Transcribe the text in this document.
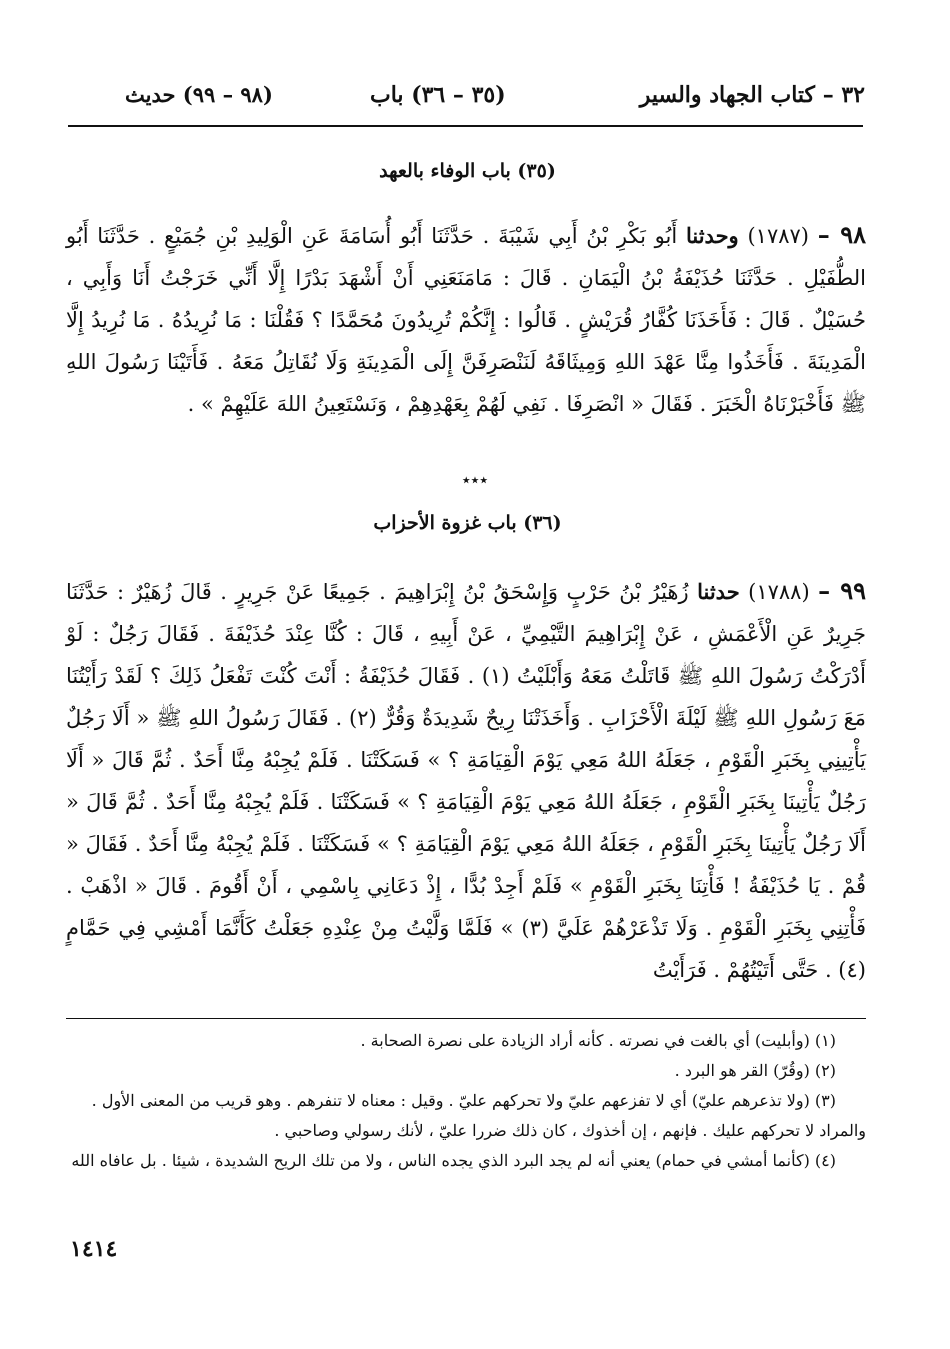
٣٢ – كتاب الجهاد والسير
(٣٥ – ٣٦) باب
(٩٨ – ٩٩) حديث
(٣٥) باب الوفاء بالعهد
٩٨ – (١٧٨٧) وحدثنا أَبُو بَكْرِ بْنُ أَبِي شَيْبَةَ . حَدَّثَنَا أَبُو أُسَامَةَ عَنِ الْوَلِيدِ بْنِ جُمَيْعٍ . حَدَّثَنَا أَبُو الطُّفَيْلِ . حَدَّثَنَا حُذَيْفَةُ بْنُ الْيَمَانِ . قَالَ : مَامَنَعَنِي أَنْ أَشْهَدَ بَدْرًا إِلَّا أَنِّي خَرَجْتُ أَنَا وَأَبِي ، حُسَيْلٌ . قَالَ : فَأَخَذَنَا كُفَّارُ قُرَيْشٍ . قَالُوا : إِنَّكُمْ تُرِيدُونَ مُحَمَّدًا ؟ فَقُلْنَا : مَا نُرِيدُهُ . مَا نُرِيدُ إِلَّا الْمَدِينَةَ . فَأَخَذُوا مِنَّا عَهْدَ اللهِ وَمِيثَاقَهُ لَنَنْصَرِفَنَّ إِلَى الْمَدِينَةِ وَلَا نُقَاتِلُ مَعَهُ . فَأَتَيْنَا رَسُولَ اللهِ ﷺ فَأَخْبَرْنَاهُ الْخَبَرَ . فَقَالَ « انْصَرِفَا . نَفِي لَهُمْ بِعَهْدِهِمْ ، وَنَسْتَعِينُ اللهَ عَلَيْهِمْ » .
٭٭٭
(٣٦) باب غزوة الأحزاب
٩٩ – (١٧٨٨) حدثنا زُهَيْرُ بْنُ حَرْبٍ وَإِسْحَقُ بْنُ إِبْرَاهِيمَ . جَمِيعًا عَنْ جَرِيرٍ . قَالَ زُهَيْرٌ : حَدَّثَنَا جَرِيرٌ عَنِ الْأَعْمَشِ ، عَنْ إِبْرَاهِيمَ التَّيْمِيِّ ، عَنْ أَبِيهِ ، قَالَ : كُنَّا عِنْدَ حُذَيْفَةَ . فَقَالَ رَجُلٌ : لَوْ أَدْرَكْتُ رَسُولَ اللهِ ﷺ قَاتَلْتُ مَعَهُ وَأَبْلَيْتُ (١) . فَقَالَ حُذَيْفَةُ : أَنْتَ كُنْتَ تَفْعَلُ ذَلِكَ ؟ لَقَدْ رَأَيْتُنَا مَعَ رَسُولِ اللهِ ﷺ لَيْلَةَ الْأَحْزَابِ . وَأَخَذَتْنَا رِيحٌ شَدِيدَةٌ وَقُرٌّ (٢) . فَقَالَ رَسُولُ اللهِ ﷺ « أَلَا رَجُلٌ يَأْتِينِي بِخَبَرِ الْقَوْمِ ، جَعَلَهُ اللهُ مَعِي يَوْمَ الْقِيَامَةِ ؟ » فَسَكَتْنَا . فَلَمْ يُجِبْهُ مِنَّا أَحَدٌ . ثُمَّ قَالَ « أَلَا رَجُلٌ يَأْتِينَا بِخَبَرِ الْقَوْمِ ، جَعَلَهُ اللهُ مَعِي يَوْمَ الْقِيَامَةِ ؟ » فَسَكَتْنَا . فَلَمْ يُجِبْهُ مِنَّا أَحَدٌ . ثُمَّ قَالَ « أَلَا رَجُلٌ يَأْتِينَا بِخَبَرِ الْقَوْمِ ، جَعَلَهُ اللهُ مَعِي يَوْمَ الْقِيَامَةِ ؟ » فَسَكَتْنَا . فَلَمْ يُجِبْهُ مِنَّا أَحَدٌ . فَقَالَ « قُمْ . يَا حُذَيْفَةُ ! فَأْتِنَا بِخَبَرِ الْقَوْمِ » فَلَمْ أَجِدْ بُدًّا ، إِذْ دَعَانِي بِاسْمِي ، أَنْ أَقُومَ . قَالَ « اذْهَبْ . فَأْتِنِي بِخَبَرِ الْقَوْمِ . وَلَا تَذْعَرْهُمْ عَلَيَّ (٣) » فَلَمَّا وَلَّيْتُ مِنْ عِنْدِهِ جَعَلْتُ كَأَنَّمَا أَمْشِي فِي حَمَّامٍ (٤) . حَتَّى أَتَيْتُهُمْ . فَرَأَيْتُ

(١) (وأبليت) أي بالغت في نصرته . كأنه أراد الزيادة على نصرة الصحابة .

(٢) (وقُرّ) القر هو البرد .

(٣) (ولا تذعرهم عليّ) أي لا تفزعهم عليّ ولا تحركهم عليّ . وقيل : معناه لا تنفرهم . وهو قريب من المعنى الأول .

والمراد لا تحركهم عليك . فإنهم ، إن أخذوك ، كان ذلك ضررا عليّ ، لأنك رسولي وصاحبي .

(٤) (كأنما أمشي في حمام) يعني أنه لم يجد البرد الذي يجده الناس ، ولا من تلك الريح الشديدة ، شيئا . بل عافاه الله

١٤١٤
